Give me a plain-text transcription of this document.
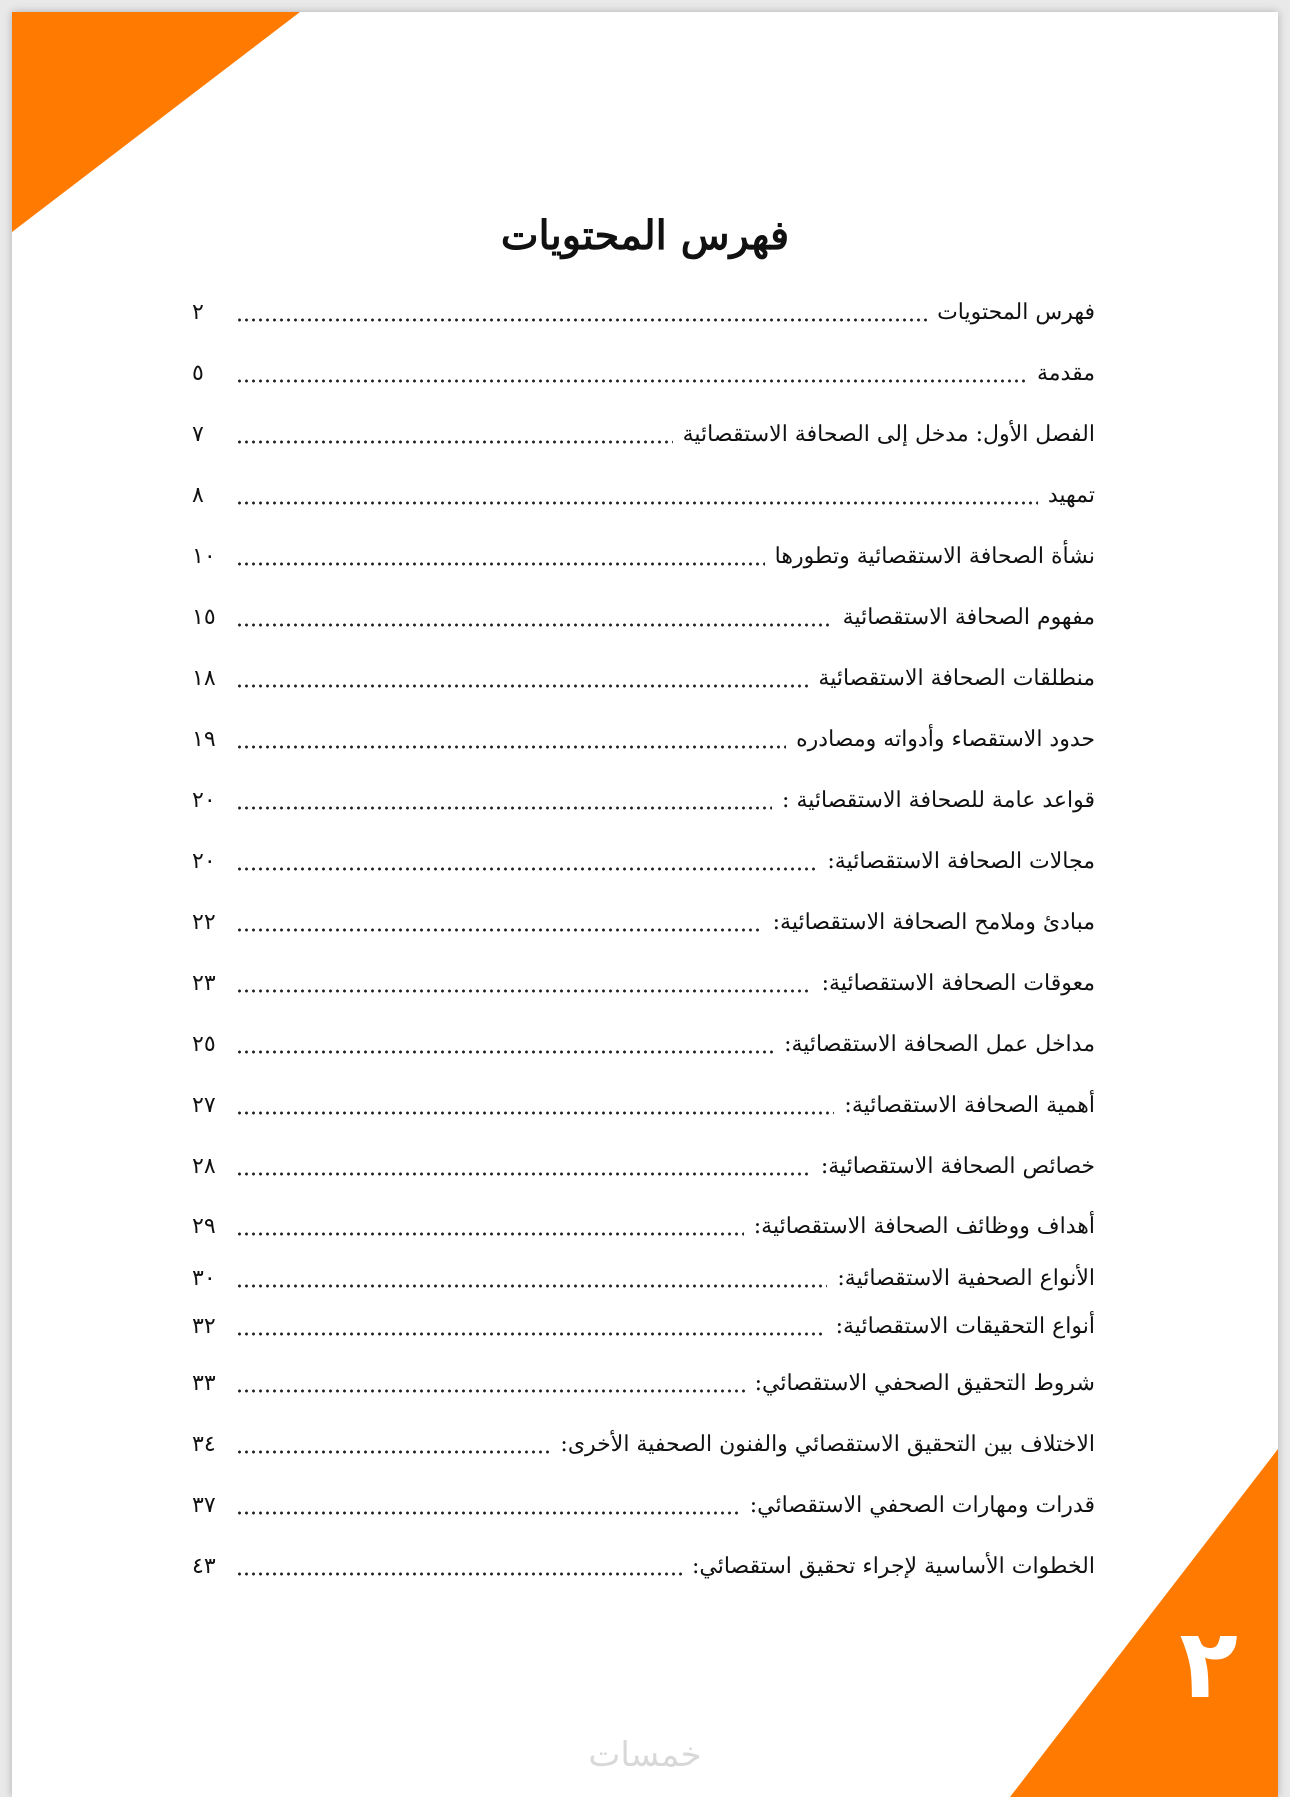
٢
فهرس المحتويات
فهرس المحتويات
٢
مقدمة
٥
الفصل الأول: مدخل إلى الصحافة الاستقصائية
٧
تمهيد
٨
نشأة الصحافة الاستقصائية وتطورها
١٠
مفهوم الصحافة الاستقصائية
١٥
منطلقات الصحافة الاستقصائية
١٨
حدود الاستقصاء وأدواته ومصادره
١٩
قواعد عامة للصحافة الاستقصائية :
٢٠
مجالات الصحافة الاستقصائية:
٢٠
مبادئ وملامح الصحافة الاستقصائية:
٢٢
معوقات الصحافة الاستقصائية:
٢٣
مداخل عمل الصحافة الاستقصائية:
٢٥
أهمية الصحافة الاستقصائية:
٢٧
خصائص الصحافة الاستقصائية:
٢٨
أهداف ووظائف الصحافة الاستقصائية:
٢٩
الأنواع الصحفية الاستقصائية:
٣٠
أنواع التحقيقات الاستقصائية:
٣٢
شروط التحقيق الصحفي الاستقصائي:
٣٣
الاختلاف بين التحقيق الاستقصائي والفنون الصحفية الأخرى:
٣٤
قدرات ومهارات الصحفي الاستقصائي:
٣٧
الخطوات الأساسية لإجراء تحقيق استقصائي:
٤٣
خمسات
